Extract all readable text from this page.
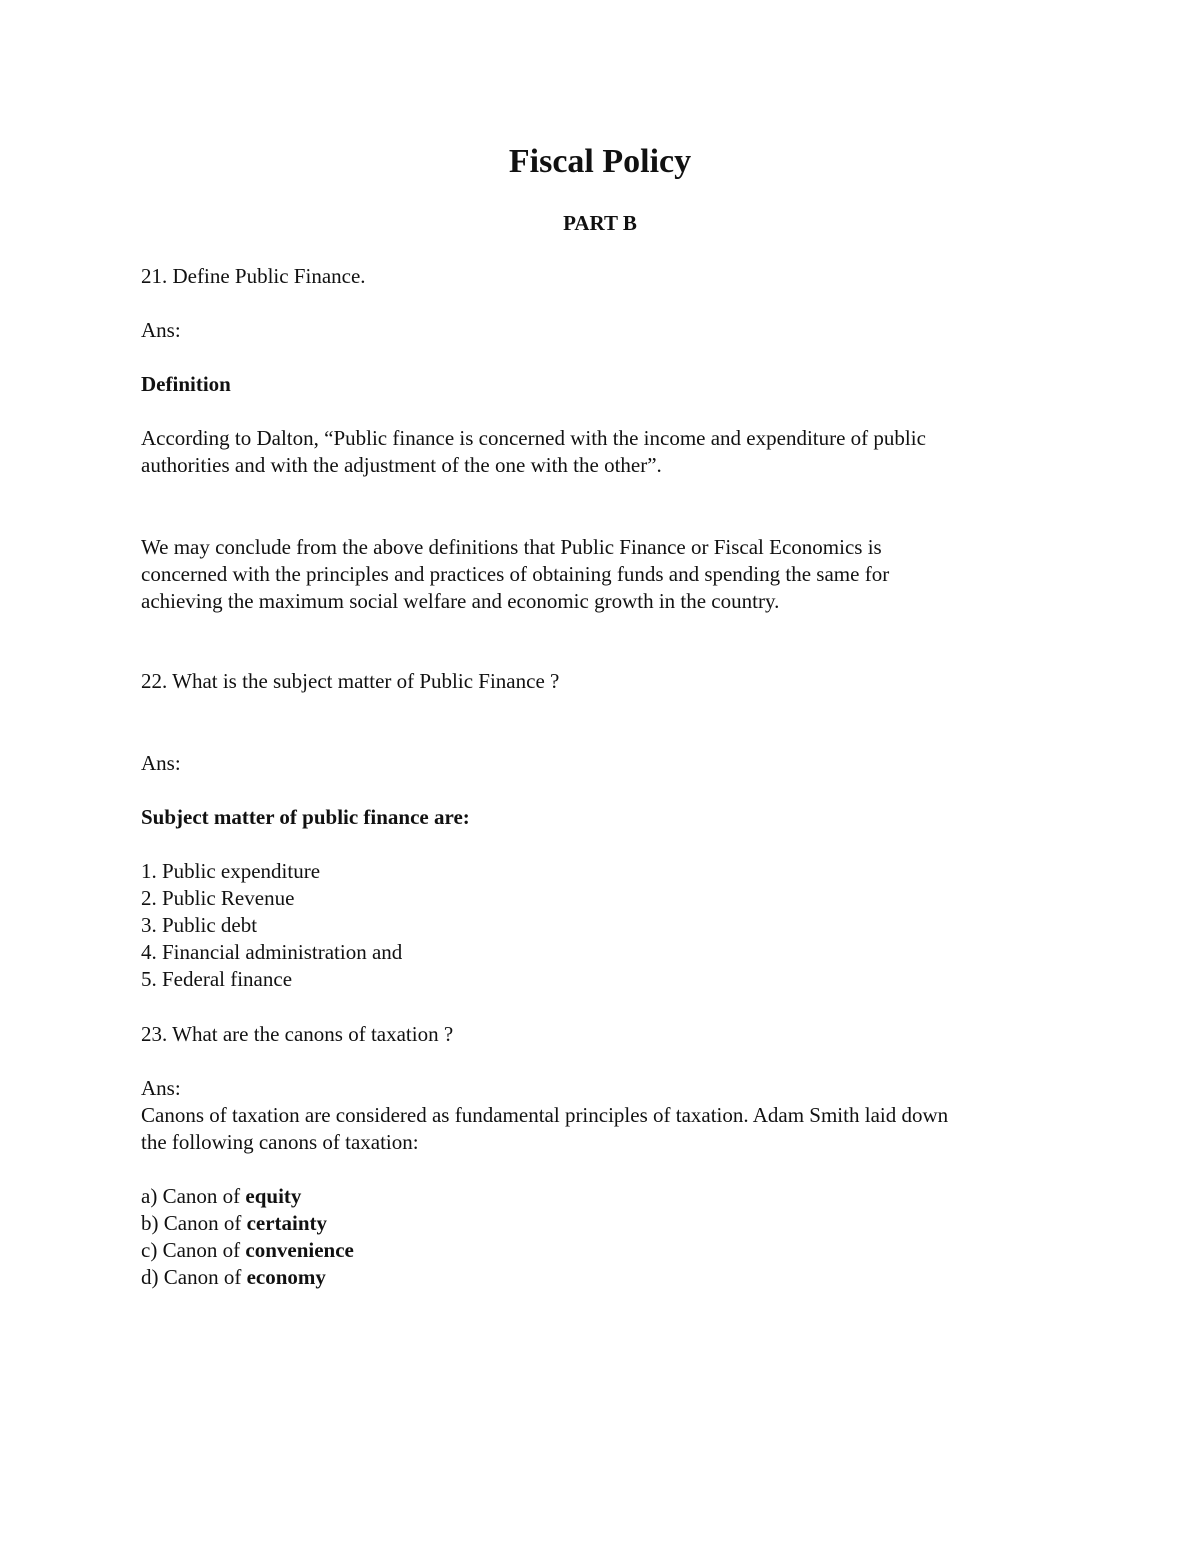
Fiscal Policy
PART B
21. Define Public Finance.
Ans:
Definition
According to Dalton, “Public finance is concerned with the income and expenditure of public
authorities and with the adjustment of the one with the other”.
We may conclude from the above definitions that Public Finance or Fiscal Economics is
concerned with the principles and practices of obtaining funds and spending the same for
achieving the maximum social welfare and economic growth in the country.
22. What is the subject matter of Public Finance ?
Ans:
Subject matter of public finance are:
1. Public expenditure
2. Public Revenue
3. Public debt
4. Financial administration and
5. Federal finance
23. What are the canons of taxation ?
Ans:
Canons of taxation are considered as fundamental principles of taxation. Adam Smith laid down
the following canons of taxation:
a) Canon of equity
b) Canon of certainty
c) Canon of convenience
d) Canon of economy
